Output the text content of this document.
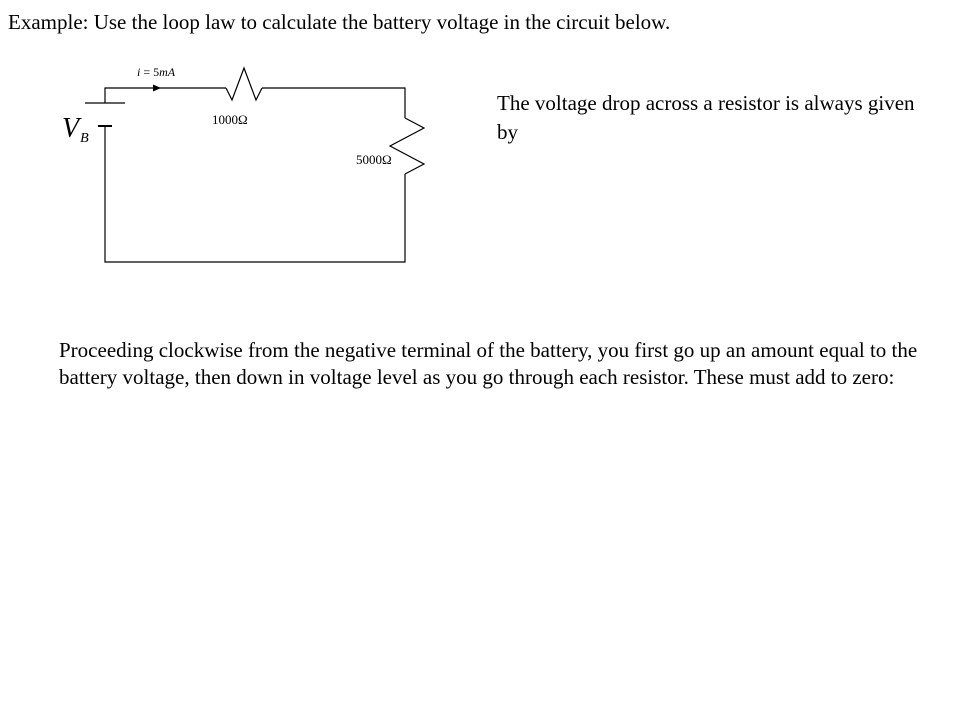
Example: Use the loop law to calculate the battery voltage in the circuit below.
i = 5mA
VB
1000Ω
5000Ω
The voltage drop across a resistor is always given by
Proceeding clockwise from the negative terminal of the battery, you first go up an amount equal to the battery voltage, then down in voltage level as you go through each resistor. These must add to zero:
